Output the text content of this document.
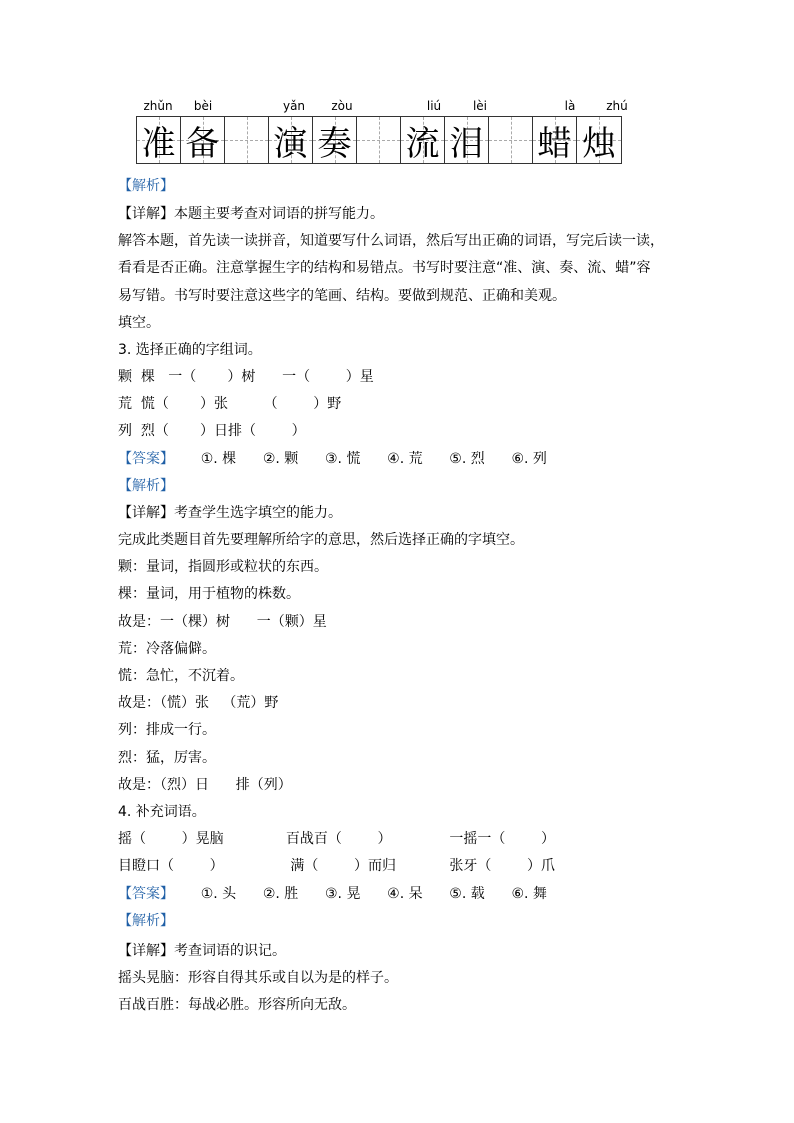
zhǔn	bèi	yǎn	zòu	liú	lèi	là	zhú
准 备 演 奏 流 泪 蜡 烛
【解析】
【详解】本题主要考查对词语的拼写能力。
解答本题，首先读一读拼音，知道要写什么词语，然后写出正确的词语，写完后读一读，
看看是否正确。注意掌握生字的结构和易错点。书写时要注意“准、演、奏、流、蜡”容
易写错。书写时要注意这些字的笔画、结构。要做到规范、正确和美观。
填空。
3. 选择正确的字组词。
颗  棵   一（       ）树      一（        ）星
荒  慌（       ）张        （        ）野
列  烈（       ）日排（        ）
【答案】      ①. 棵      ②. 颗      ③. 慌      ④. 荒      ⑤. 烈      ⑥. 列
【解析】
【详解】考查学生选字填空的能力。
完成此类题目首先要理解所给字的意思，然后选择正确的字填空。
颗：量词，指圆形或粒状的东西。
棵：量词，用于植物的株数。
故是：一（棵）树      一（颗）星
荒：冷落偏僻。
慌：急忙，不沉着。
故是：（慌）张   （荒）野
列：排成一行。
烈：猛，厉害。
故是：（烈）日      排（列）
4. 补充词语。
摇（        ）晃脑              百战百（        ）             一摇一（        ）
目瞪口（        ）               满（        ）而归            张牙（        ）爪
【答案】      ①. 头      ②. 胜      ③. 晃      ④. 呆      ⑤. 载      ⑥. 舞
【解析】
【详解】考查词语的识记。
摇头晃脑：形容自得其乐或自以为是的样子。
百战百胜：每战必胜。形容所向无敌。
